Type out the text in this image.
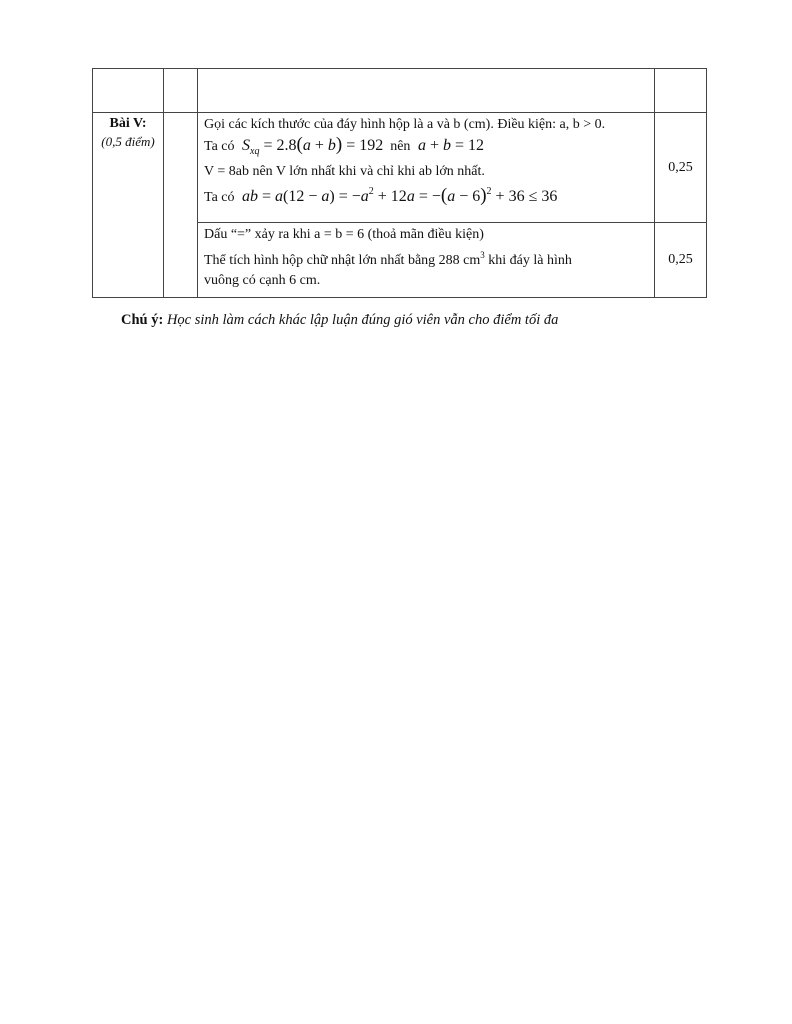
Bài V:
(0,5 điểm)		Gọi các kích thước của đáy hình hộp là a và b (cm). Điều kiện: a, b > 0.
Ta có $S_{xq} = 2.8(a + b) = 192$ nên a + b = 12
V = 8ab nên V lớn nhất khi và chỉ khi ab lớn nhất.
Ta có ab = $a(12 - a) = -a^2 + 12a = -(a - 6)^2 + 36 \le 36$	0,25

		Dấu “=” xảy ra khi a = b = 6 (thoả mãn điều kiện)
Thể tích hình hộp chữ nhật lớn nhất bằng 288 $cm^3$ khi đáy là hình
vuông có cạnh 6 cm.	0,25
Chú ý: Học sinh làm cách khác lập luận đúng gió viên vẫn cho điểm tối đa
